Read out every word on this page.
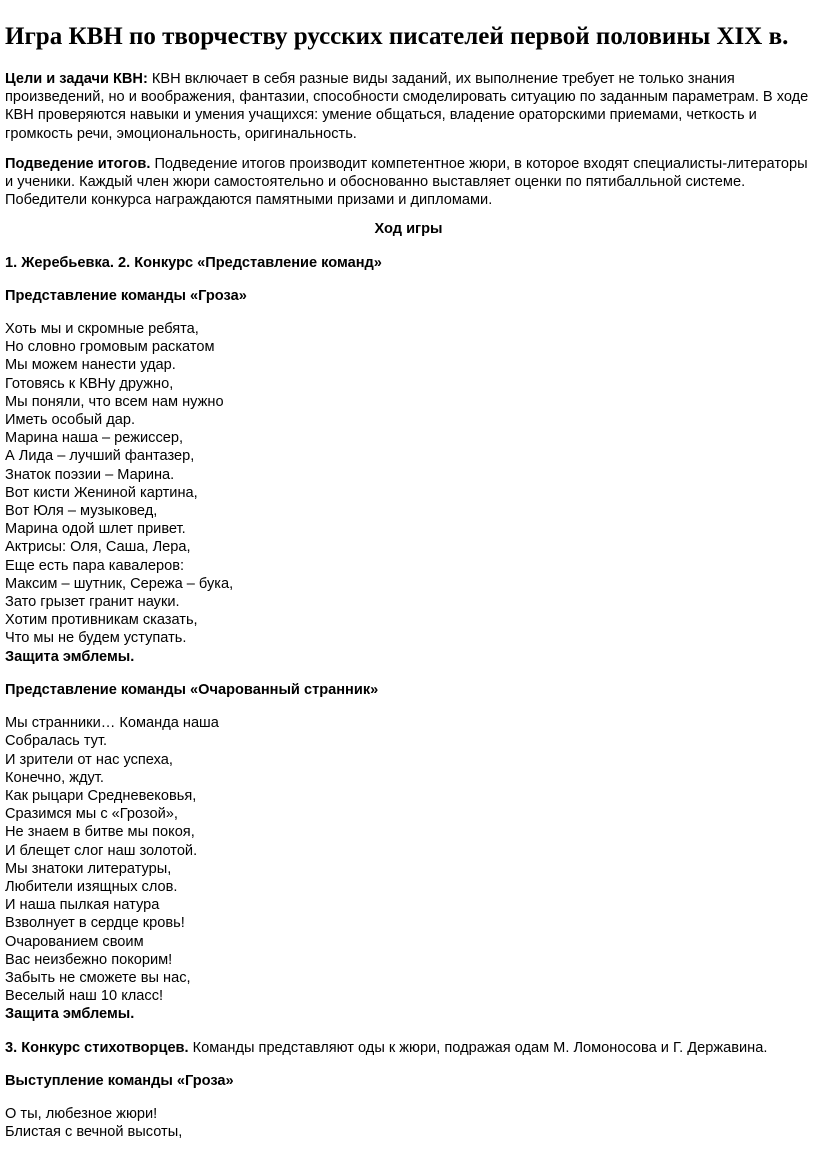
Игра КВН по творчеству русских писателей первой половины XIX в.

Цели и задачи КВН: КВН включает в себя разные виды заданий, их выполнение требует не только знания произведений, но и воображения, фантазии, способности смоделировать ситуацию по заданным параметрам. В ходе КВН проверяются навыки и умения учащихся: умение общаться, владение ораторскими приемами, четкость и громкость речи, эмоциональность, оригинальность.

Подведение итогов. Подведение итогов производит компетентное жюри, в которое входят специалисты-литераторы и ученики. Каждый член жюри самостоятельно и обоснованно выставляет оценки по пятибалльной системе. Победители конкурса награждаются памятными призами и дипломами.

Ход игры

1. Жеребьевка. 2. Конкурс «Представление команд»

Представление команды «Гроза»

Хоть мы и скромные ребята,
Но словно громовым раскатом
Мы можем нанести удар.
Готовясь к КВНу дружно,
Мы поняли, что всем нам нужно
Иметь особый дар.
Марина наша – режиссер,
А Лида – лучший фантазер,
Знаток поэзии – Марина.
Вот кисти Жениной картина,
Вот Юля – музыковед,
Марина одой шлет привет.
Актрисы: Оля, Саша, Лера,
Еще есть пара кавалеров:
Максим – шутник, Сережа – бука,
Зато грызет гранит науки.
Хотим противникам сказать,
Что мы не будем уступать.

Защита эмблемы.

Представление команды «Очарованный странник»

Мы странники… Команда наша
Собралась тут.
И зрители от нас успеха,
Конечно, ждут.
Как рыцари Средневековья,
Сразимся мы с «Грозой»,
Не знаем в битве мы покоя,
И блещет слог наш золотой.
Мы знатоки литературы,
Любители изящных слов.
И наша пылкая натура
Взволнует в сердце кровь!
Очарованием своим
Вас неизбежно покорим!
Забыть не сможете вы нас,
Веселый наш 10 класс!

Защита эмблемы.

3. Конкурс стихотворцев. Команды представляют оды к жюри, подражая одам М. Ломоносова и Г. Державина.

Выступление команды «Гроза»

О ты, любезное жюри!
Блистая с вечной высоты,
